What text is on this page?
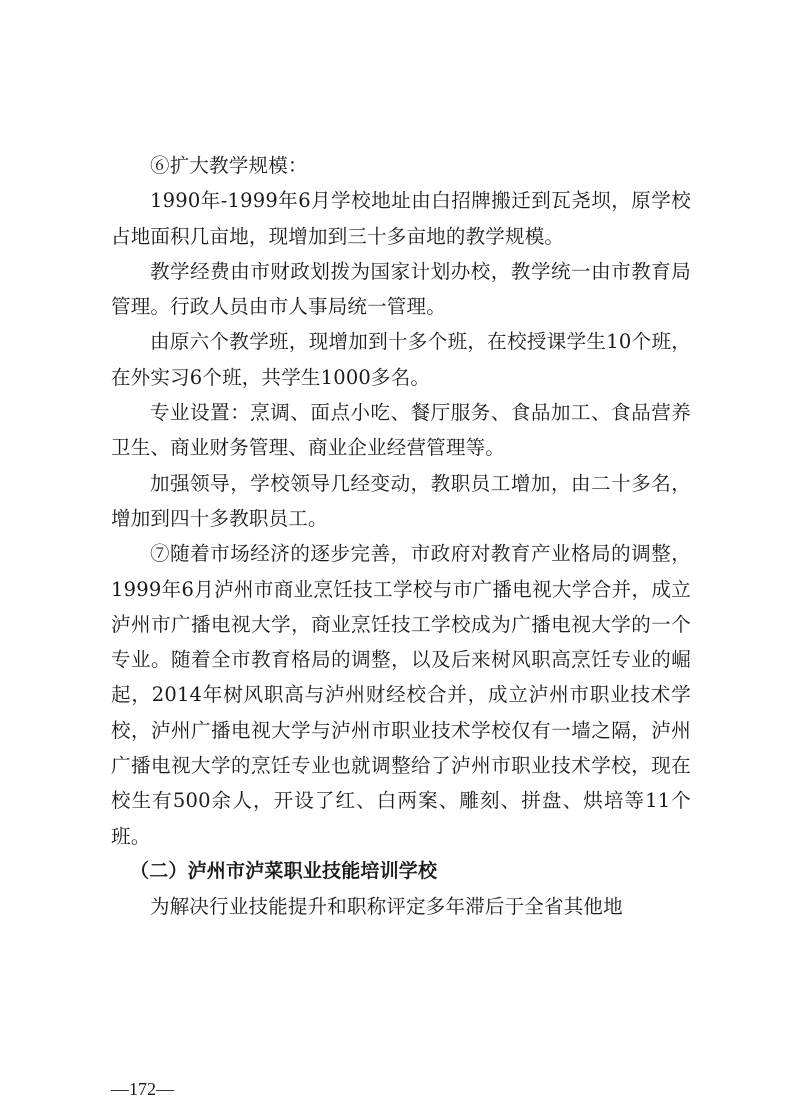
⑥扩大教学规模：

1990年-1999年6月学校地址由白招牌搬迁到瓦尧坝，原学校占地面积几亩地，现增加到三十多亩地的教学规模。

教学经费由市财政划拨为国家计划办校，教学统一由市教育局管理。行政人员由市人事局统一管理。

由原六个教学班，现增加到十多个班，在校授课学生10个班，在外实习6个班，共学生1000多名。

专业设置：烹调、面点小吃、餐厅服务、食品加工、食品营养卫生、商业财务管理、商业企业经营管理等。

加强领导，学校领导几经变动，教职员工增加，由二十多名，增加到四十多教职员工。

⑦随着市场经济的逐步完善，市政府对教育产业格局的调整，1999年6月泸州市商业烹饪技工学校与市广播电视大学合并，成立泸州市广播电视大学，商业烹饪技工学校成为广播电视大学的一个专业。随着全市教育格局的调整，以及后来树风职高烹饪专业的崛起，2014年树风职高与泸州财经校合并，成立泸州市职业技术学校，泸州广播电视大学与泸州市职业技术学校仅有一墙之隔，泸州广播电视大学的烹饪专业也就调整给了泸州市职业技术学校，现在校生有500余人，开设了红、白两案、雕刻、拼盘、烘培等11个班。

（二）泸州市泸菜职业技能培训学校

为解决行业技能提升和职称评定多年滞后于全省其他地

—172—
